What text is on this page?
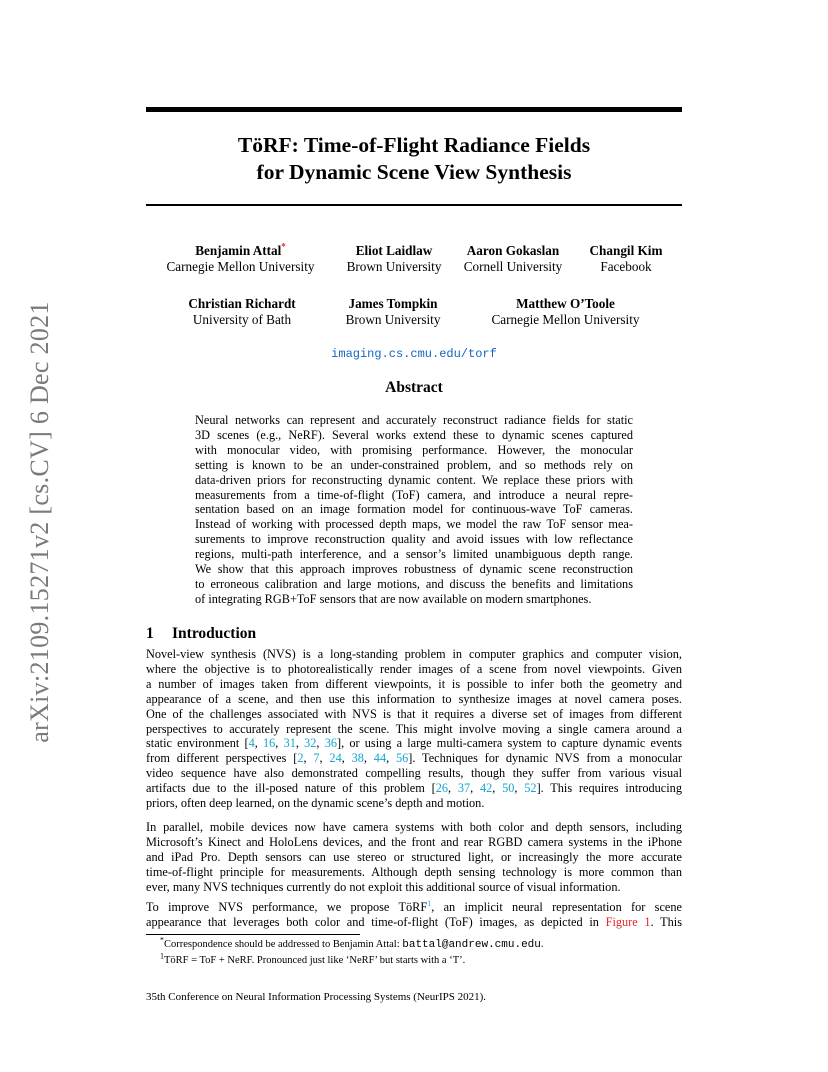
TöRF: Time-of-Flight Radiance Fields
for Dynamic Scene View Synthesis
Benjamin Attal*
Carnegie Mellon University
Eliot Laidlaw
Brown University
Aaron Gokaslan
Cornell University
Changil Kim
Facebook
Christian Richardt
University of Bath
James Tompkin
Brown University
Matthew O’Toole
Carnegie Mellon University
imaging.cs.cmu.edu/torf
Abstract
Neural networks can represent and accurately reconstruct radiance fields for static
3D scenes (e.g., NeRF). Several works extend these to dynamic scenes captured
with monocular video, with promising performance. However, the monocular
setting is known to be an under-constrained problem, and so methods rely on
data-driven priors for reconstructing dynamic content. We replace these priors with
measurements from a time-of-flight (ToF) camera, and introduce a neural repre-
sentation based on an image formation model for continuous-wave ToF cameras.
Instead of working with processed depth maps, we model the raw ToF sensor mea-
surements to improve reconstruction quality and avoid issues with low reflectance
regions, multi-path interference, and a sensor’s limited unambiguous depth range.
We show that this approach improves robustness of dynamic scene reconstruction
to erroneous calibration and large motions, and discuss the benefits and limitations
of integrating RGB+ToF sensors that are now available on modern smartphones.
1 Introduction
Novel-view synthesis (NVS) is a long-standing problem in computer graphics and computer vision,
where the objective is to photorealistically render images of a scene from novel viewpoints. Given
a number of images taken from different viewpoints, it is possible to infer both the geometry and
appearance of a scene, and then use this information to synthesize images at novel camera poses.
One of the challenges associated with NVS is that it requires a diverse set of images from different
perspectives to accurately represent the scene. This might involve moving a single camera around a
static environment [4, 16, 31, 32, 36], or using a large multi-camera system to capture dynamic events
from different perspectives [2, 7, 24, 38, 44, 56]. Techniques for dynamic NVS from a monocular
video sequence have also demonstrated compelling results, though they suffer from various visual
artifacts due to the ill-posed nature of this problem [26, 37, 42, 50, 52]. This requires introducing
priors, often deep learned, on the dynamic scene’s depth and motion.
In parallel, mobile devices now have camera systems with both color and depth sensors, including
Microsoft’s Kinect and HoloLens devices, and the front and rear RGBD camera systems in the iPhone
and iPad Pro. Depth sensors can use stereo or structured light, or increasingly the more accurate
time-of-flight principle for measurements. Although depth sensing technology is more common than
ever, many NVS techniques currently do not exploit this additional source of visual information.
To improve NVS performance, we propose TöRF$^1$, an implicit neural representation for scene
appearance that leverages both color and time-of-flight (ToF) images, as depicted in Figure 1. This
*Correspondence should be addressed to Benjamin Attal: battal@andrew.cmu.edu.
$^1$TöRF = ToF + NeRF. Pronounced just like ‘NeRF’ but starts with a ‘T’.
35th Conference on Neural Information Processing Systems (NeurIPS 2021).
arXiv:2109.15271v2 [cs.CV] 6 Dec 2021
